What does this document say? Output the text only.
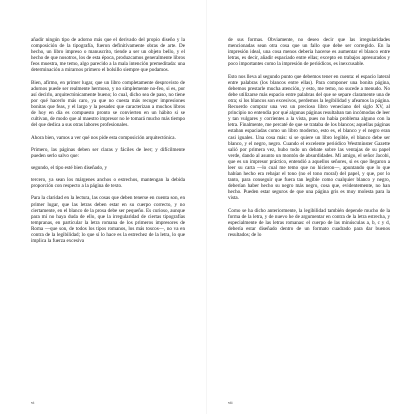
añadir ningún tipo de adorno más que el derivado del propio diseño y la composición de la tipografía, fueron definitivamente obras de arte. De hecho, un libro impreso o manuscrito, tiende a ser un objeto bello, y el hecho de que nosotros, los de esta época, produzcamos generalmente libros feos muestra, me temo, algo parecido a la mala intención premeditada: una determinación a mirarnos primero el bolsillo siempre que podamos.

Bien, afirmo, en primer lugar, que un libro completamente desprovisto de adornos puede ser realmente hermoso, y no simplemente no-feo, si es, por así decirlo, arquitectónicamente bueno; lo cual, dicho sea de paso, no tiene por qué hacerlo más caro, ya que no cuesta más recoger impresiones bonitas que feas, y el largo y la pesadez que caracterizan a muchos libros de hoy en día es compuesto pronto se convierten en un hábito si se cultivan, de modo que al maestro impresor no le tomará mucho más tiempo del que dedica a sus otras labores profesionales.

Ahora bien, vamos a ver qué nos pide esta composición arquitectónica.

Primero, las páginas deben ser claras y fáciles de leer; y difícilmente pueden serlo salvo que:

segundo, el tipo esté bien diseñado, y

tercero, ya sean los márgenes anchos o estrechos, mantengan la debida proporción con respecto a la página de texto.

Para la claridad en la lectura, las cosas que deben tenerse en cuenta son, en primer lugar, que las letras deben estar en su cuerpo correcto, y no ciertamente, en el blanco de la prosa debe ser pequeño. Es curioso, aunque para mí no haya duda de ello, que la irregularidad de ciertas tipografías tempranas, en particular la letra romana de los primeros impresores de Roma —que son, de todos los tipos romanos, los más toscos—, no va en contra de la legibilidad; lo que sí lo hace es la estrechez de la letra, lo que implica la fuerza excesiva

vi

de sus formas. Obviamente, no deseo decir que las irregularidades mencionadas sean otra cosa que un fallo que debe ser corregido. En la impresión ideal, una cosa menos debería hacerse es aumentar el blanco entre letras, es decir, añadir espaciado entre ellas; excepto en trabajos apresurados y poco importantes como la impresión de periódicos, es inexcusable.

Esto nos lleva al segundo punto que debemos tener en cuenta: el espacio lateral entre palabras (los blancos entre ellas). Para componer una bonita página, debemos prestarle mucha atención, y esto, me temo, no sucede a menudo. No debe utilizarse más espacio entre palabras del que se separe claramente una de otra; si los blancos son excesivos, perdemos la legibilidad y afeamos la página. Recuerdo comprar una vez un precioso libro veneciano del siglo XV, al principio no entendía por qué algunas páginas resultaban tan incómodas de leer y tan vulgares y corrientes a la vista, pues no había problema alguno con la letra. Finalmente, me percaté de que se trataba de los blancos; aquellas páginas estaban espaciadas como un libro moderno, esto es, el blanco y el negro eran casi iguales. Una cosa más: si se quiere un libro legible, el blanco debe ser blanco, y el negro, negro. Cuando el excelente periódico Westminster Gazette salió por primera vez, hubo todo un debate sobre las ventajas de su papel verde, dando al asunto un montón de absurdidades. Mi amigo, el señor Jacobi, que es un impresor práctico, entendió a aquellos señores, si es que llegaron a leer su carta —lo cual me temo que no hicieron—, apuntando que lo que habían hecho era rebajar el tono (no el tono moral) del papel, y que, por lo tanto, para conseguir que fuera tan legible como cualquier blanco y negro, deberían haber hecho su negro más negro, cosa que, evidentemente, no han hecho. Pueden estar seguros de que una página gris es muy molesta para la vista.

Como se ha dicho anteriormente, la legibilidad también depende mucho de la forma de la letra, y de nuevo he de argumentar en contra de la letra estrecha, y especialmente de las letras romanas: el cuerpo de las minúsculas a, b, c y d, debería estar diseñado dentro de un formato cuadrado para dar buenos resultados; de lo

vii
